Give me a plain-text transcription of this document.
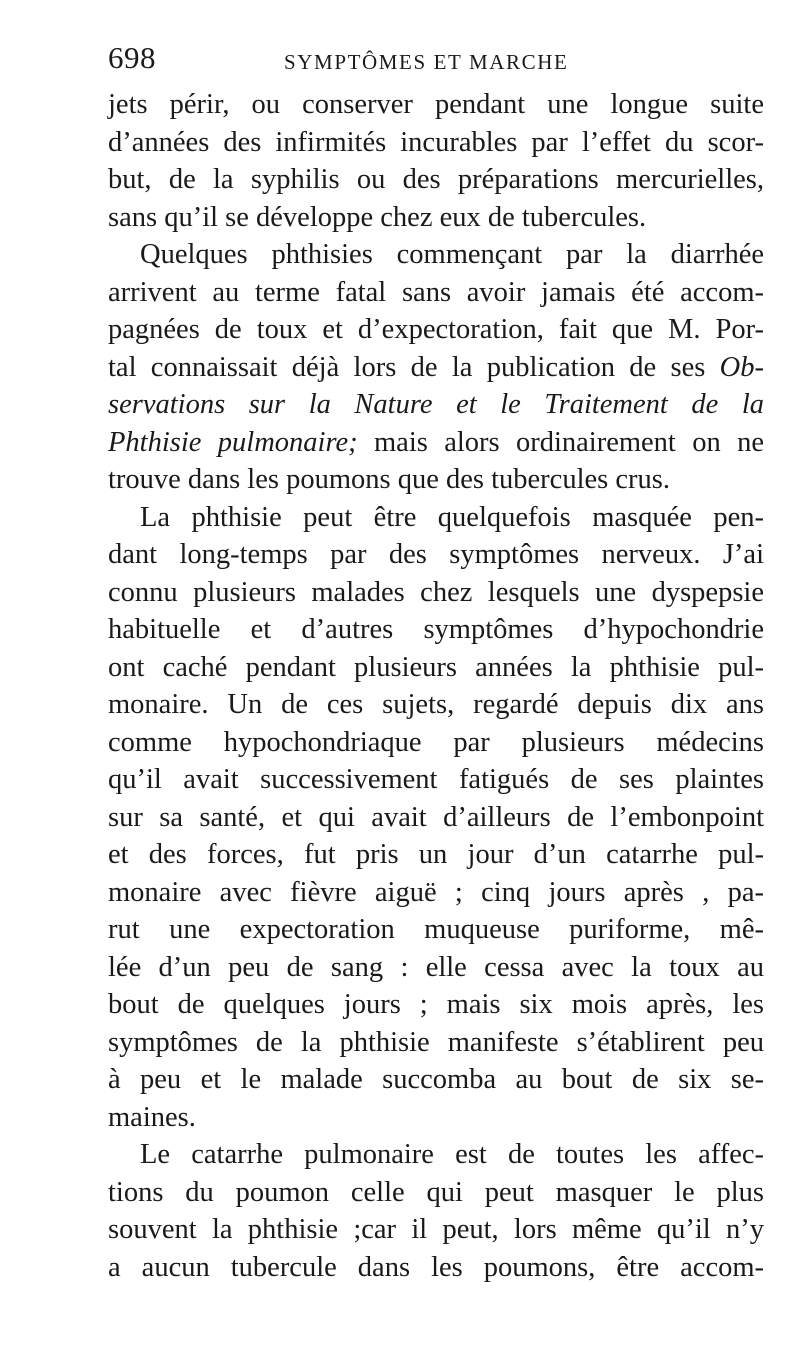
698	SYMPTÔMES ET MARCHE
jets périr, ou conserver pendant une longue suite
d’années des infirmités incurables par l’effet du scor-
but, de la syphilis ou des préparations mercurielles,
sans qu’il se développe chez eux de tubercules.
Quelques phthisies commençant par la diarrhée
arrivent au terme fatal sans avoir jamais été accom-
pagnées de toux et d’expectoration, fait que M. Por-
tal connaissait déjà lors de la publication de ses Ob-
servations sur la Nature et le Traitement de la
Phthisie pulmonaire; mais alors ordinairement on ne
trouve dans les poumons que des tubercules crus.
La phthisie peut être quelquefois masquée pen-
dant long-temps par des symptômes nerveux. J’ai
connu plusieurs malades chez lesquels une dyspepsie
habituelle et d’autres symptômes d’hypochondrie
ont caché pendant plusieurs années la phthisie pul-
monaire. Un de ces sujets, regardé depuis dix ans
comme hypochondriaque par plusieurs médecins
qu’il avait successivement fatigués de ses plaintes
sur sa santé, et qui avait d’ailleurs de l’embonpoint
et des forces, fut pris un jour d’un catarrhe pul-
monaire avec fièvre aiguë ; cinq jours après , pa-
rut une expectoration muqueuse puriforme, mê-
lée d’un peu de sang : elle cessa avec la toux au
bout de quelques jours ; mais six mois après, les
symptômes de la phthisie manifeste s’établirent peu
à peu et le malade succomba au bout de six se-
maines.
Le catarrhe pulmonaire est de toutes les affec-
tions du poumon celle qui peut masquer le plus
souvent la phthisie ;car il peut, lors même qu’il n’y
a aucun tubercule dans les poumons, être accom-
